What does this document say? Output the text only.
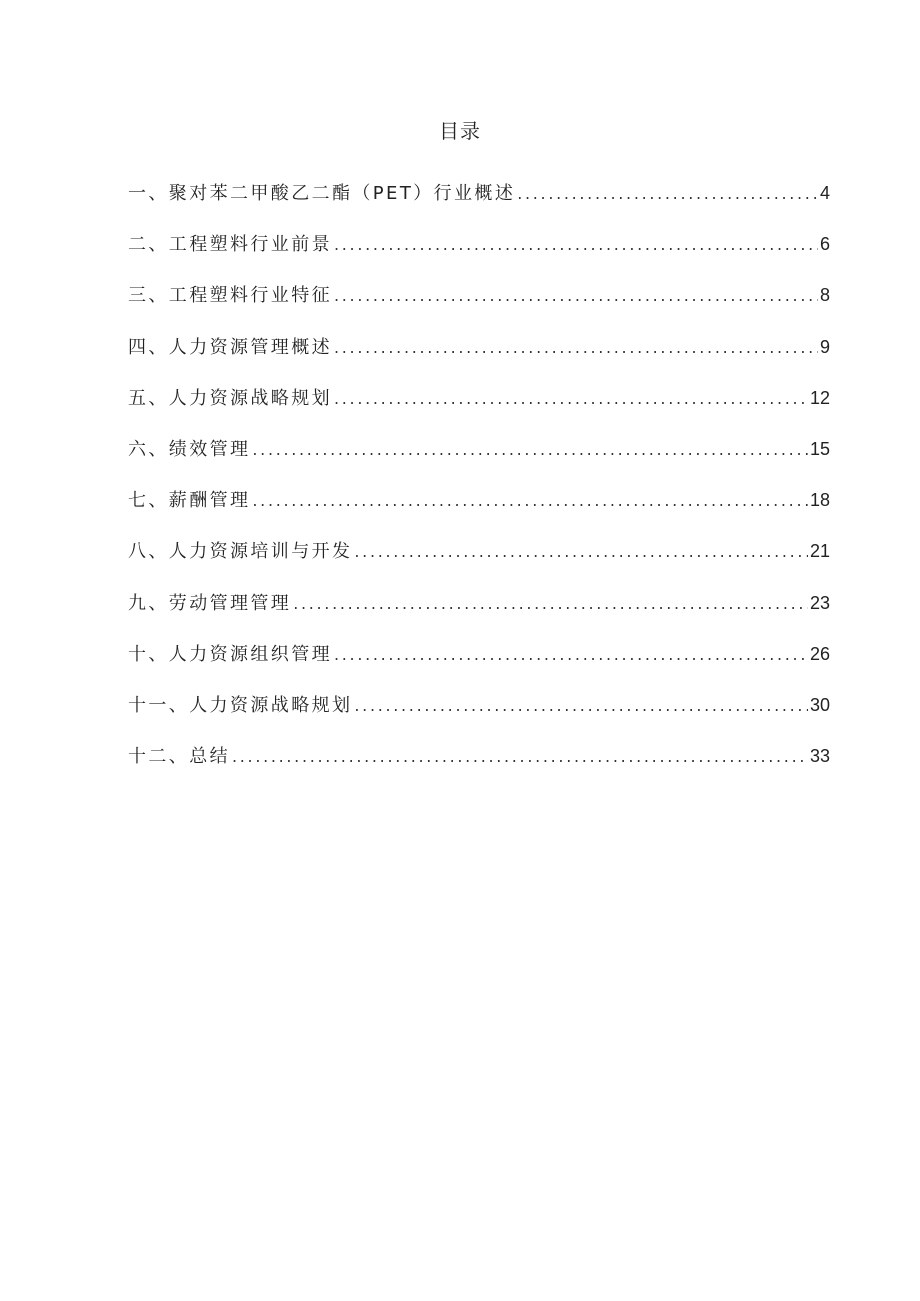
目录
一、聚对苯二甲酸乙二酯（PET）行业概述 . . .	4
二、工程塑料行业前景 . . .	6
三、工程塑料行业特征 . . .	8
四、人力资源管理概述 . . .	9
五、人力资源战略规划 . . .	12
六、绩效管理 . . .	15
七、薪酬管理 . . .	18
八、人力资源培训与开发 . . .	21
九、劳动管理管理 . . .	23
十、人力资源组织管理 . . .	26
十一、人力资源战略规划 . . .	30
十二、总结 . . .	33
